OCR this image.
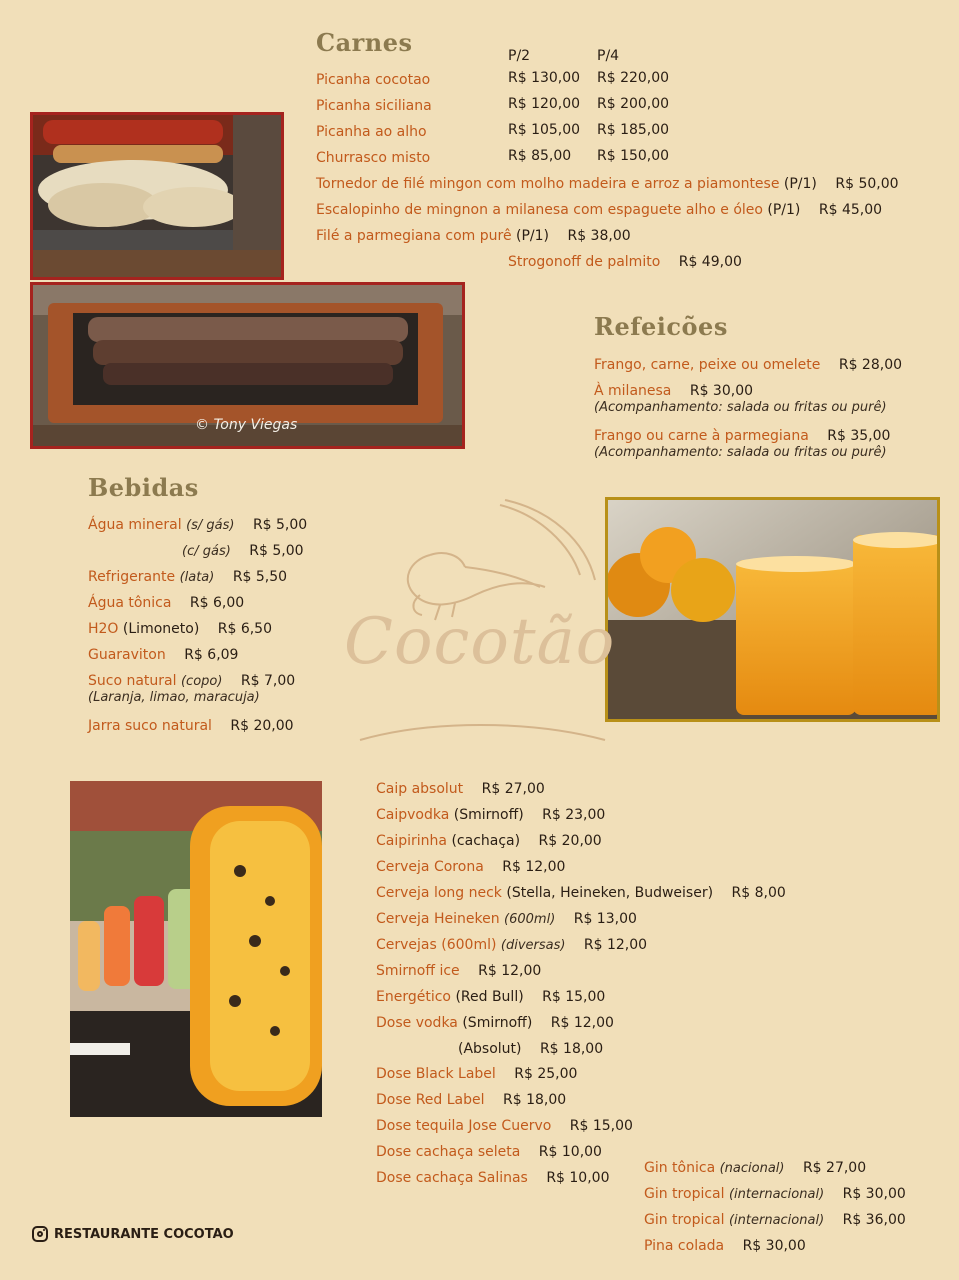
© Tony Viegas
Cocotão
Carnes	P/2	P/4
Picanha cocotao	R$ 130,00 R$ 220,00
Picanha siciliana	R$ 120,00 R$ 200,00
Picanha ao alho	R$ 105,00 R$ 185,00
Churrasco misto	R$ 85,00 R$ 150,00
Tornedor de filé mingon com molho madeira e arroz a piamontese (P/1) R$ 50,00
Escalopinho de mingnon a milanesa com espaguete alho e óleo (P/1) R$ 45,00
Filé a parmegiana com purê (P/1) R$ 38,00
Strogonoff de palmito R$ 49,00
Refeicões
Frango, carne, peixe ou omelete R$ 28,00
À milanesa R$ 30,00
(Acompanhamento: salada ou fritas ou purê)
Frango ou carne à parmegiana R$ 35,00
(Acompanhamento: salada ou fritas ou purê)
Bebidas
Água mineral (s/ gás) R$ 5,00
(c/ gás) R$ 5,00
Refrigerante (lata) R$ 5,50
Água tônica R$ 6,00
H2O (Limoneto) R$ 6,50
Guaraviton R$ 6,09
Suco natural (copo) R$ 7,00
(Laranja, limao, maracuja)
Jarra suco natural R$ 20,00
Caip absolut R$ 27,00
Caipvodka (Smirnoff) R$ 23,00
Caipirinha (cachaça) R$ 20,00
Cerveja Corona R$ 12,00
Cerveja long neck (Stella, Heineken, Budweiser) R$ 8,00
Cerveja Heineken (600ml) R$ 13,00
Cervejas (600ml) (diversas) R$ 12,00
Smirnoff ice R$ 12,00
Energético (Red Bull) R$ 15,00
Dose vodka (Smirnoff) R$ 12,00
(Absolut) R$ 18,00
Dose Black Label R$ 25,00
Dose Red Label R$ 18,00
Dose tequila Jose Cuervo R$ 15,00
Dose cachaça seleta R$ 10,00
Dose cachaça Salinas R$ 10,00
Gin tônica (nacional) R$ 27,00
Gin tropical (internacional) R$ 30,00
Gin tropical (internacional) R$ 36,00
Pina colada R$ 30,00
RESTAURANTE COCOTAO
